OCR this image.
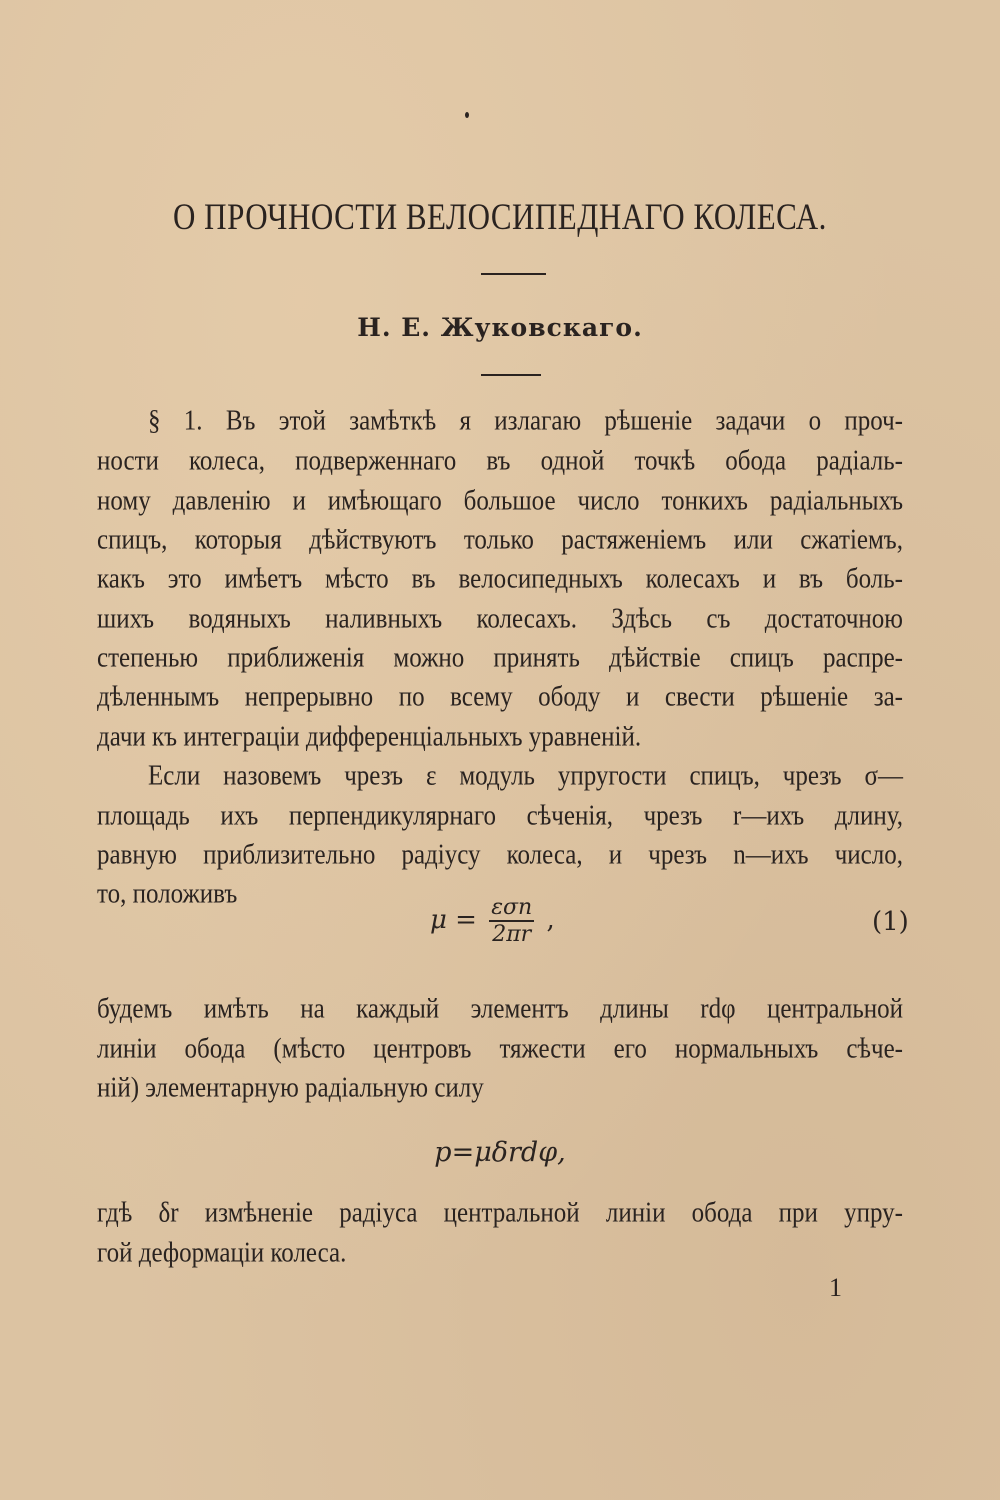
О ПРОЧНОСТИ ВЕЛОСИПЕДНАГО КОЛЕСА.
Н. Е. Жуковскаго.
§ 1. Въ этой замѣткѣ я излагаю рѣшеніе задачи о проч-
ности колеса, подверженнаго въ одной точкѣ обода радіаль-
ному давленію и имѣющаго большое число тонкихъ радіальныхъ
спицъ, которыя дѣйствуютъ только растяженіемъ или сжатіемъ,
какъ это имѣетъ мѣсто въ велосипедныхъ колесахъ и въ боль-
шихъ водяныхъ наливныхъ колесахъ. Здѣсь съ достаточною
степенью приближенія можно принять дѣйствіе спицъ распре-
дѣленнымъ непрерывно по всему ободу и свести рѣшеніе за-
дачи къ интеграціи дифференціальныхъ уравненій.
Если назовемъ чрезъ ε модуль упругости спицъ, чрезъ σ—
площадь ихъ перпендикулярнаго сѣченія, чрезъ r—ихъ длину,
равную приблизительно радіусу колеса, и чрезъ n—ихъ число,
то, положивъ
$\mu = \frac{\text{εσn}}{2\pi r}$ ,	(1)
будемъ имѣть на каждый элементъ длины rdφ центральной
линіи обода (мѣсто центровъ тяжести его нормальныхъ сѣче-
ній) элементарную радіальную силу
p=μδrdφ,
гдѣ δr измѣненіе радіуса центральной линіи обода при упру-
гой деформаціи колеса.
1
